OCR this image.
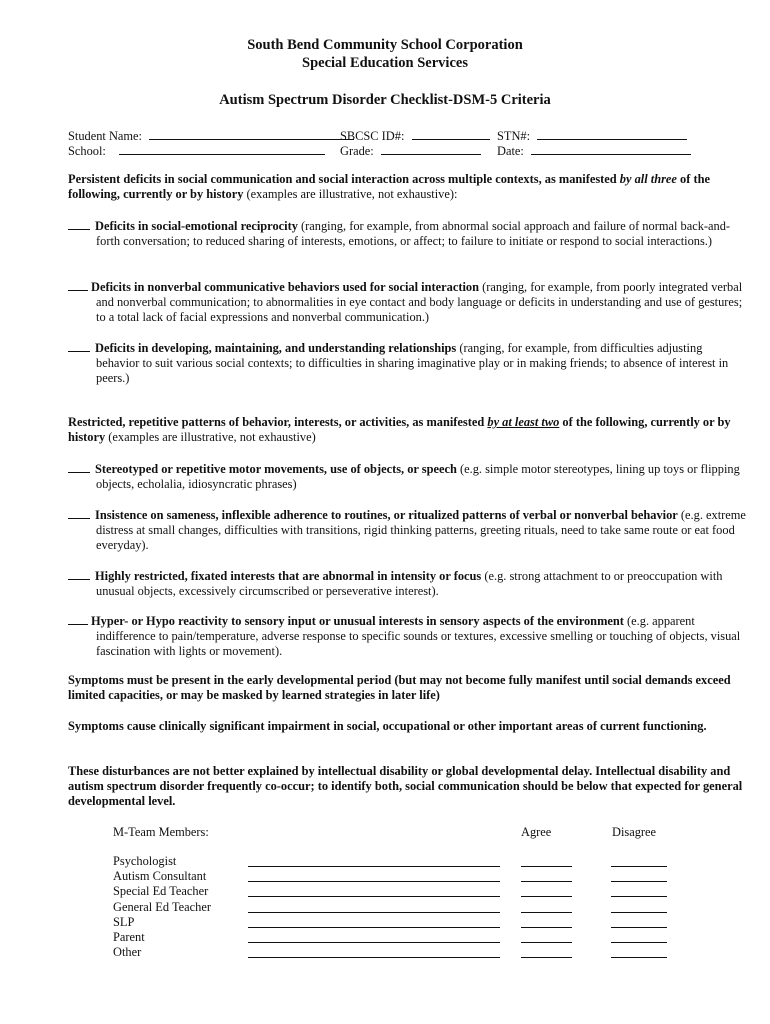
South Bend Community School Corporation
Special Education Services
Autism Spectrum Disorder Checklist-DSM-5 Criteria
Student Name:	SBCSC ID#:	STN#:
School:	Grade:	Date:
Persistent deficits in social communication and social interaction across multiple contexts, as manifested by all three of the following, currently or by history (examples are illustrative, not exhaustive):
Deficits in social-emotional reciprocity (ranging, for example, from abnormal social approach and failure of normal back-and-forth conversation; to reduced sharing of interests, emotions, or affect; to failure to initiate or respond to social interactions.)
Deficits in nonverbal communicative behaviors used for social interaction (ranging, for example, from poorly integrated verbal and nonverbal communication; to abnormalities in eye contact and body language or deficits in understanding and use of gestures; to a total lack of facial expressions and nonverbal communication.)
Deficits in developing, maintaining, and understanding relationships (ranging, for example, from difficulties adjusting behavior to suit various social contexts; to difficulties in sharing imaginative play or in making friends; to absence of interest in peers.)
Restricted, repetitive patterns of behavior, interests, or activities, as manifested by at least two of the following, currently or by history (examples are illustrative, not exhaustive)
Stereotyped or repetitive motor movements, use of objects, or speech (e.g. simple motor stereotypes, lining up toys or flipping objects, echolalia, idiosyncratic phrases)
Insistence on sameness, inflexible adherence to routines, or ritualized patterns of verbal or nonverbal behavior (e.g. extreme distress at small changes, difficulties with transitions, rigid thinking patterns, greeting rituals, need to take same route or eat food everyday).
Highly restricted, fixated interests that are abnormal in intensity or focus (e.g. strong attachment to or preoccupation with unusual objects, excessively circumscribed or perseverative interest).
Hyper- or Hypo reactivity to sensory input or unusual interests in sensory aspects of the environment (e.g. apparent indifference to pain/temperature, adverse response to specific sounds or textures, excessive smelling or touching of objects, visual fascination with lights or movement).
Symptoms must be present in the early developmental period (but may not become fully manifest until social demands exceed limited capacities, or may be masked by learned strategies in later life)
Symptoms cause clinically significant impairment in social, occupational or other important areas of current functioning.
These disturbances are not better explained by intellectual disability or global developmental delay. Intellectual disability and autism spectrum disorder frequently co-occur; to identify both, social communication should be below that expected for general developmental level.
M-Team Members:	Agree	Disagree
Psychologist
Autism Consultant
Special Ed Teacher
General Ed Teacher
SLP
Parent
Other
